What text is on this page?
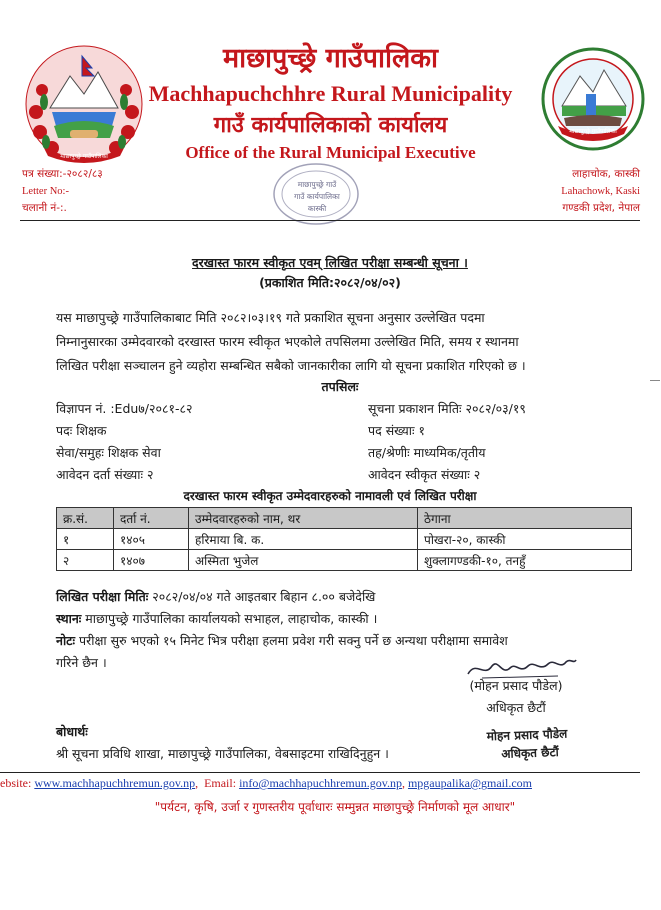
माछापुच्छ्रे गाउँपालिका
माछापुच्छ्रे गाउँपालिका
Machhapuchchhre Rural Municipality
गाउँ कार्यपालिकाको कार्यालय
Office of the Rural Municipal Executive
माछापुच्छ्रे गाउँपालिका
पत्र संख्या:-२०८२/८३
Letter No:-
चलानी नं-:.
माछापुच्छ्रे गाउँ
गाउँ कार्यपालिका
कास्की
लाहाचोक, कास्की
Lahachowk, Kaski
गण्डकी प्रदेश, नेपाल
दरखास्त फारम स्वीकृत एवम् लिखित परीक्षा सम्बन्धी सूचना ।
(प्रकाशित मिति:२०८२/०४/०२)
यस माछापुच्छ्रे गाउँपालिकाबाट मिति २०८२।०३।१९ गते प्रकाशित सूचना अनुसार उल्लेखित पदमा
निम्नानुसारका उम्मेदवारको दरखास्त फारम स्वीकृत भएकोले तपसिलमा उल्लेखित मिति, समय र स्थानमा
लिखित परीक्षा सञ्चालन हुने व्यहोरा सम्बन्धित सबैको जानकारीका लागि यो सूचना प्रकाशित गरिएको छ ।
तपसिलः
विज्ञापन नं. :Edu७/२०८१-८२
पदः शिक्षक
सेवा/समुहः शिक्षक सेवा
आवेदन दर्ता संख्याः २
सूचना प्रकाशन मितिः २०८२/०३/१९
पद संख्याः १
तह/श्रेणीः माध्यमिक/तृतीय
आवेदन स्वीकृत संख्याः २
दरखास्त फारम स्वीकृत उम्मेदवारहरुको नामावली एवं लिखित परीक्षा
क्र.सं.	दर्ता नं.	उम्मेदवारहरुको नाम, थर	ठेगाना
१	१४०५	हरिमाया बि. क.	पोखरा-२०, कास्की
२	१४०७	अस्मिता भुजेल	शुक्लागण्डकी-१०, तनहुँ
लिखित परीक्षा मितिः २०८२/०४/०४ गते आइतबार बिहान ८.०० बजेदेखि
स्थानः माछापुच्छ्रे गाउँपालिका कार्यालयको सभाहल, लाहाचोक, कास्की ।
नोटः परीक्षा सुरु भएको १५ मिनेट भित्र परीक्षा हलमा प्रवेश गरी सक्नु पर्ने छ अन्यथा परीक्षामा समावेश
गरिने छैन ।
(मोहन प्रसाद पौडेल)
अधिकृत छैटौं
मोहन प्रसाद पौडेल
अधिकृत छैटौं
बोधार्थः
श्री सूचना प्रविधि शाखा, माछापुच्छ्रे गाउँपालिका, वेबसाइटमा राखिदिनुहुन ।
ebsite: www.machhapuchhremun.gov.np,  Email: info@machhapuchhremun.gov.np, mpgaupalika@gmail.com
"पर्यटन, कृषि, उर्जा र गुणस्तरीय पूर्वाधारः सम्मुन्नत माछापुच्छ्रे निर्माणको मूल आधार"
